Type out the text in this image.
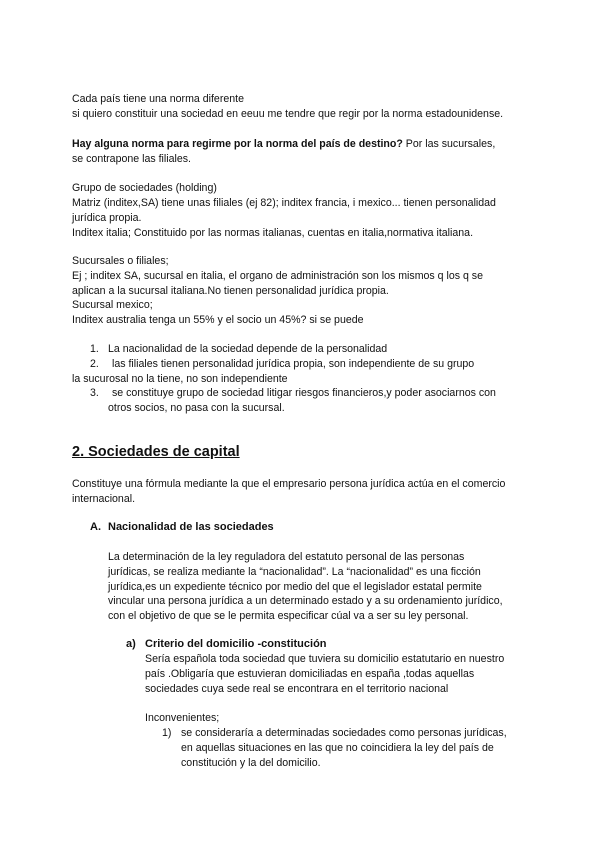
Cada país tiene una norma diferente
si quiero constituir una sociedad en eeuu me tendre que regir por la norma estadounidense.
Hay alguna norma para regirme por la norma del país de destino? Por las sucursales,
se contrapone las filiales.
Grupo de sociedades (holding)
Matriz (inditex,SA) tiene unas filiales (ej 82); inditex francia, i mexico... tienen personalidad
jurídica propia.
Inditex italia; Constituido por las normas italianas, cuentas en italia,normativa italiana.
Sucursales o filiales;
Ej ; inditex SA, sucursal en italia, el organo de administración son los mismos q los q se
aplican a la sucursal italiana.No tienen personalidad jurídica propia.
Sucursal mexico;
Inditex australia tenga un 55% y el socio un 45%? si se puede
1. La nacionalidad de la sociedad depende de la personalidad
2. las filiales tienen personalidad jurídica propia, son independiente de su grupo
la sucurosal no la tiene, no son independiente
3. se constituye grupo de sociedad litigar riesgos financieros,y poder asociarnos con
otros socios, no pasa con la sucursal.
2. Sociedades de capital
Constituye una fórmula mediante la que el empresario persona jurídica actúa en el comercio
internacional.
A. Nacionalidad de las sociedades
La determinación de la ley reguladora del estatuto personal de las personas
jurídicas, se realiza mediante la “nacionalidad”. La “nacionalidad” es una ficción
jurídica,es un expediente técnico por medio del que el legislador estatal permite
vincular una persona jurídica a un determinado estado y a su ordenamiento jurídico,
con el objetivo de que se le permita especificar cúal va a ser su ley personal.
a) Criterio del domicilio -constitución
Sería española toda sociedad que tuviera su domicilio estatutario en nuestro
país .Obligaría que estuvieran domiciliadas en españa ,todas aquellas
sociedades cuya sede real se encontrara en el territorio nacional
Inconvenientes;
1) se consideraría a determinadas sociedades como personas jurídicas,
en aquellas situaciones en las que no coincidiera la ley del país de
constitución y la del domicilio.
